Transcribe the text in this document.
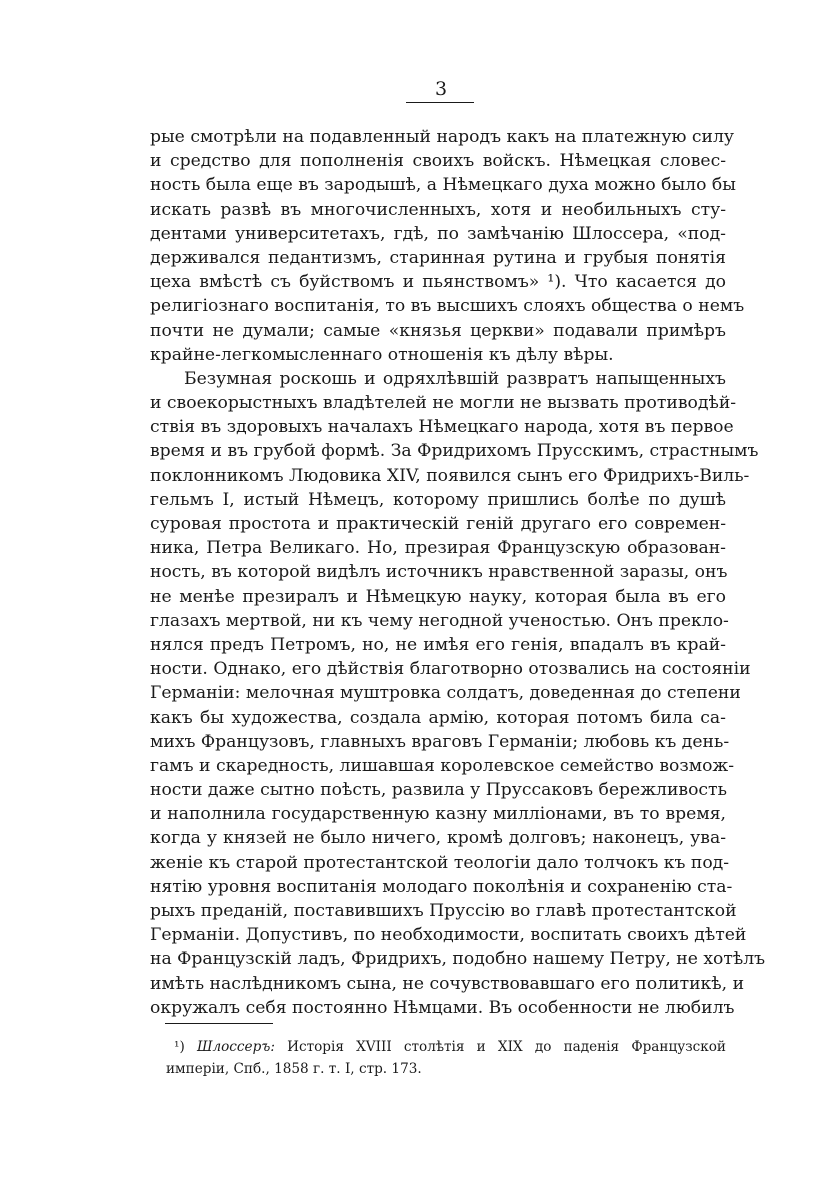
3
рые смотрѣли на подавленный народъ какъ на платежную силу
и средство для пополненія своихъ войскъ. Нѣмецкая словес-
ность была еще въ зародышѣ, а Нѣмецкаго духа можно было бы
искать развѣ въ многочисленныхъ, хотя и необильныхъ сту-
дентами университетахъ, гдѣ, по замѣчанію Шлоссера, «под-
держивался педантизмъ, старинная рутина и грубыя понятія
цеха вмѣстѣ съ буйствомъ и пьянствомъ» ¹). Что касается до
религіознаго воспитанія, то въ высшихъ слояхъ общества о немъ
почти не думали; самые «князья церкви» подавали примѣръ
крайне-легкомысленнаго отношенія къ дѣлу вѣры.
Безумная роскошь и одряхлѣвшій развратъ напыщенныхъ
и своекорыстныхъ владѣтелей не могли не вызвать противодѣй-
ствія въ здоровыхъ началахъ Нѣмецкаго народа, хотя въ первое
время и въ грубой формѣ. За Фридрихомъ Прусскимъ, страстнымъ
поклонникомъ Людовика XIV, появился сынъ его Фридрихъ-Виль-
гельмъ I, истый Нѣмецъ, которому пришлись болѣе по душѣ
суровая простота и практическій геній другаго его современ-
ника, Петра Великаго. Но, презирая Французскую образован-
ность, въ которой видѣлъ источникъ нравственной заразы, онъ
не менѣе презиралъ и Нѣмецкую науку, которая была въ его
глазахъ мертвой, ни къ чему негодной ученостью. Онъ прекло-
нялся предъ Петромъ, но, не имѣя его генія, впадалъ въ край-
ности. Однако, его дѣйствія благотворно отозвались на состояніи
Германіи: мелочная муштровка солдатъ, доведенная до степени
какъ бы художества, создала армію, которая потомъ била са-
михъ Французовъ, главныхъ враговъ Германіи; любовь къ день-
гамъ и скаредность, лишавшая королевское семейство возмож-
ности даже сытно поѣсть, развила у Пруссаковъ бережливость
и наполнила государственную казну милліонами, въ то время,
когда у князей не было ничего, кромѣ долговъ; наконецъ, ува-
женіе къ старой протестантской теологіи дало толчокъ къ под-
нятію уровня воспитанія молодаго поколѣнія и сохраненію ста-
рыхъ преданій, поставившихъ Пруссію во главѣ протестантской
Германіи. Допустивъ, по необходимости, воспитать своихъ дѣтей
на Французскій ладъ, Фридрихъ, подобно нашему Петру, не хотѣлъ
имѣть наслѣдникомъ сына, не сочувствовавшаго его политикѣ, и
окружалъ себя постоянно Нѣмцами. Въ особенности не любилъ
¹) Шлоссеръ: Исторія XVIII столѣтія и XIX до паденія Французской
имперіи, Спб., 1858 г. т. I, стр. 173.
